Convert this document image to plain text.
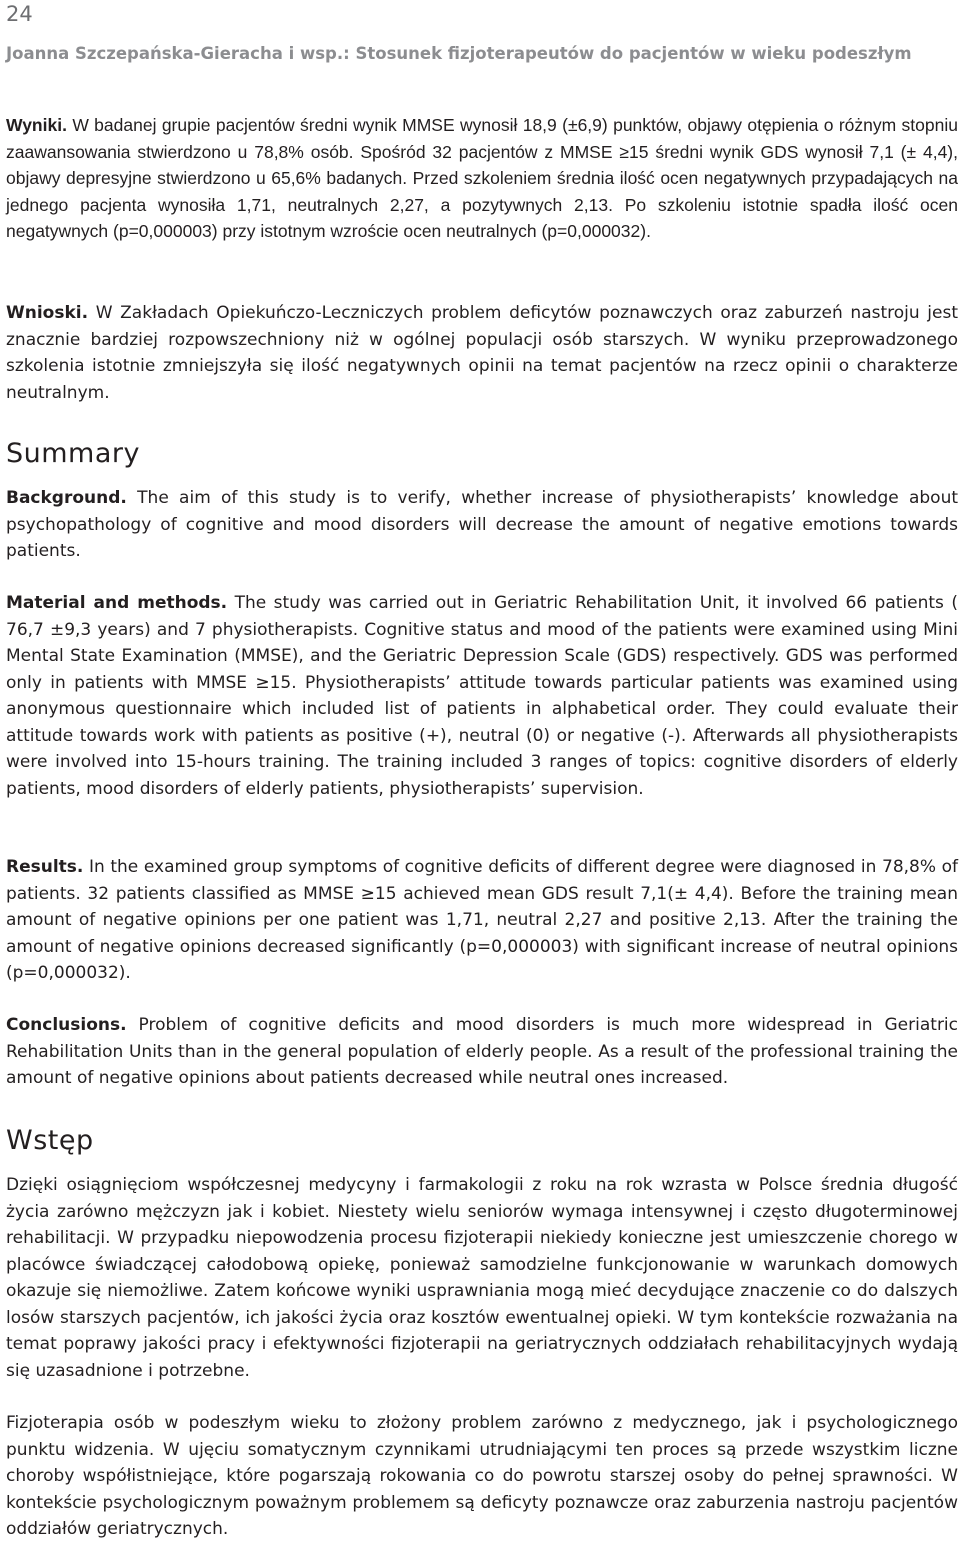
24
Joanna Szczepańska-Gieracha i wsp.: Stosunek fizjoterapeutów do pacjentów w wieku podeszłym

Wyniki. W badanej grupie pacjentów średni wynik MMSE wynosił 18,9 (±6,9) punktów, objawy otępienia o różnym stopniu zaawansowania stwierdzono u 78,8% osób. Spośród 32 pacjentów z MMSE ≥15 średni wynik GDS wynosił 7,1 (± 4,4), objawy depresyjne stwierdzono u 65,6% badanych. Przed szkoleniem średnia ilość ocen negatywnych przypadających na jednego pacjenta wynosiła 1,71, neutralnych 2,27, a pozytywnych 2,13. Po szkoleniu istotnie spadła ilość ocen negatywnych (p=0,000003) przy istotnym wzroście ocen neutralnych (p=0,000032).

Wnioski. W Zakładach Opiekuńczo-Leczniczych problem deficytów poznawczych oraz zaburzeń nastroju jest znacznie bardziej rozpowszechniony niż w ogólnej populacji osób starszych. W wyniku przeprowadzonego szkolenia istotnie zmniejszyła się ilość negatywnych opinii na temat pacjentów na rzecz opinii o charakterze neutralnym.

Summary

Background. The aim of this study is to verify, whether increase of physiotherapists’ knowledge about psychopathology of cognitive and mood disorders will decrease the amount of negative emotions towards patients.

Material and methods. The study was carried out in Geriatric Rehabilitation Unit, it involved 66 patients ( 76,7 ±9,3 years) and 7 physiotherapists. Cognitive status and mood of the patients were examined using Mini Mental State Examination (MMSE), and the Geriatric Depression Scale (GDS) respectively. GDS was performed only in patients with MMSE ≥15. Physiotherapists’ attitude towards particular patients was examined using anonymous questionnaire which included list of patients in alphabetical order. They could evaluate their attitude towards work with patients as positive (+), neutral (0) or negative (-). Afterwards all physiotherapists were involved into 15-hours training. The training included 3 ranges of topics: cognitive disorders of elderly patients, mood disorders of elderly patients, physiotherapists’ supervision.

Results. In the examined group symptoms of cognitive deficits of different degree were diagnosed in 78,8% of patients. 32 patients classified as MMSE ≥15 achieved mean GDS result 7,1(± 4,4). Before the training mean amount of negative opinions per one patient was 1,71, neutral 2,27 and positive 2,13. After the training the amount of negative opinions decreased significantly (p=0,000003) with significant increase of neutral opinions (p=0,000032).

Conclusions. Problem of cognitive deficits and mood disorders is much more widespread in Geriatric Rehabilitation Units than in the general population of elderly people. As a result of the professional training the amount of negative opinions about patients decreased while neutral ones increased.

Wstęp

Dzięki osiągnięciom współczesnej medycyny i farmakologii z roku na rok wzrasta w Polsce średnia długość życia zarówno mężczyzn jak i kobiet. Niestety wielu seniorów wymaga intensywnej i często długoterminowej rehabilitacji. W przypadku niepowodzenia procesu fizjoterapii niekiedy konieczne jest umieszczenie chorego w placówce świadczącej całodobową opiekę, ponieważ samodzielne funkcjonowanie w warunkach domowych okazuje się niemożliwe. Zatem końcowe wyniki usprawniania mogą mieć decydujące znaczenie co do dalszych losów starszych pacjentów, ich jakości życia oraz kosztów ewentualnej opieki. W tym kontekście rozważania na temat poprawy jakości pracy i efektywności fizjoterapii na geriatrycznych oddziałach rehabilitacyjnych wydają się uzasadnione i potrzebne.

Fizjoterapia osób w podeszłym wieku to złożony problem zarówno z medycznego, jak i psychologicznego punktu widzenia. W ujęciu somatycznym czynnikami utrudniającymi ten proces są przede wszystkim liczne choroby współistniejące, które pogarszają rokowania co do powrotu starszej osoby do pełnej sprawności. W kontekście psychologicznym poważnym problemem są deficyty poznawcze oraz zaburzenia nastroju pacjentów oddziałów geriatrycznych.
